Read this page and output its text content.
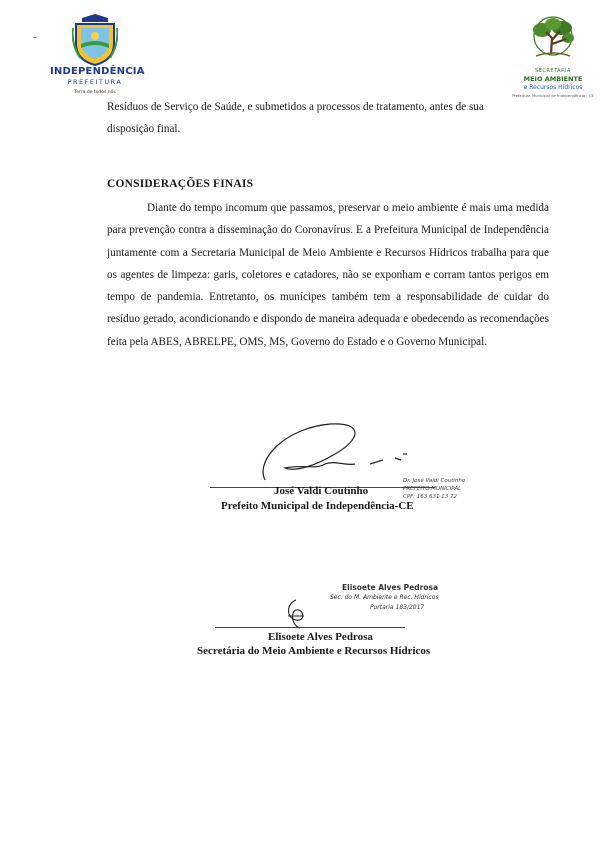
INDEPENDÊNCIA
PREFEITURA
Terra de todos nós
SECRETARIA
MEIO AMBIENTE
e Recursos Hídricos
Prefeitura Municipal de Independência - CE

Resíduos de Serviço de Saúde, e submetidos a processos de tratamento, antes de sua

disposição final.

CONSIDERAÇÕES FINAIS
Diante do tempo incomum que passamos, preservar o meio ambiente é mais uma medida para prevenção contra a disseminação do Coronavírus. E a Prefeitura Municipal de Independência juntamente com a Secretaria Municipal de Meio Ambiente e Recursos Hídricos trabalha para que os agentes de limpeza: garis, coletores e catadores, não se exponham e corram tantos perigos em tempo de pandemia. Entretanto, os munícipes também tem a responsabilidade de cuidar do resíduo gerado, acondicionando e dispondo de maneira adequada e obedecendo as recomendações feita pela ABES, ABRELPE, OMS, MS, Governo do Estado e o Governo Municipal.
José Valdi Coutinho
Prefeito Municipal de Independência-CE
Dr. José Valdi Coutinho
PREFEITO MUNICIPAL
CPF: 163 631 13 72
Elisoete Alves Pedrosa
Sec. do M. Ambiente e Rec. Hídricos
Portaria 183/2017
Elisoete Alves Pedrosa
Secretária do Meio Ambiente e Recursos Hídricos
